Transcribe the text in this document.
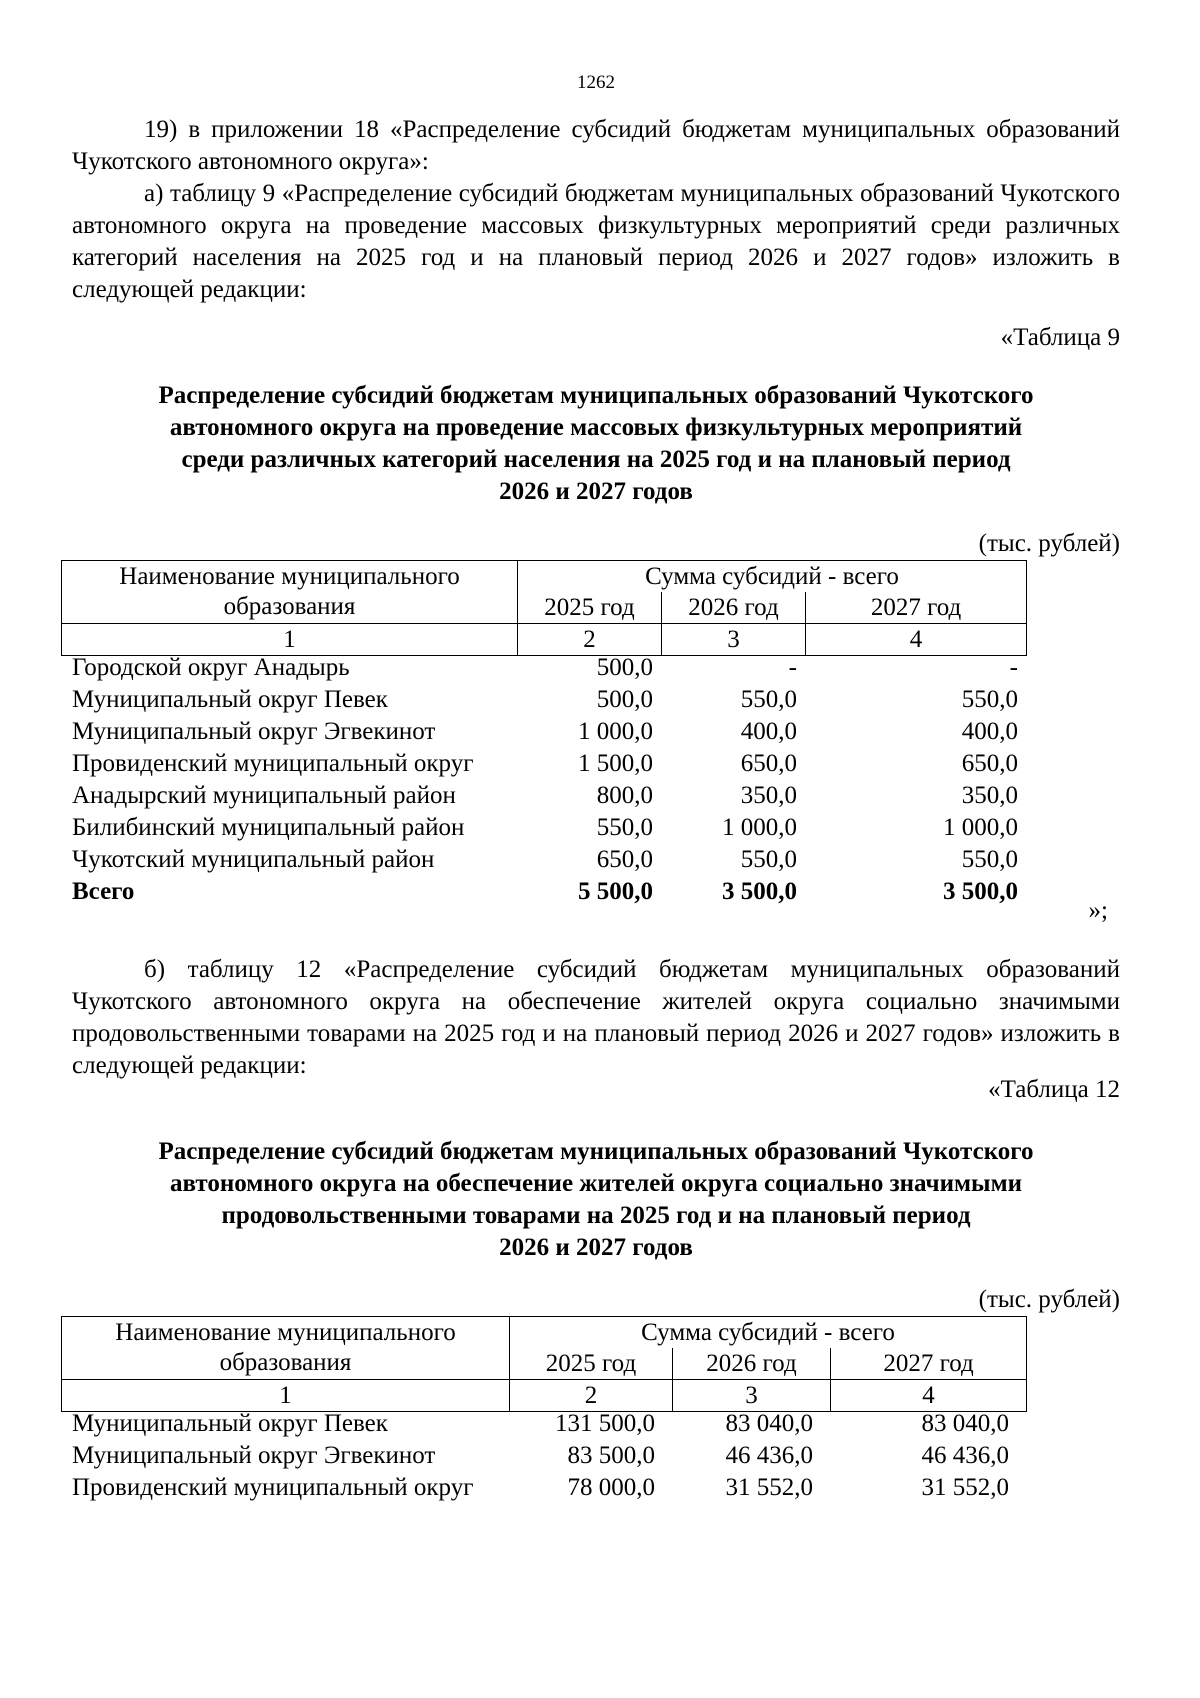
1262
19) в приложении 18 «Распределение субсидий бюджетам муниципальных образований Чукотского автономного округа»:
а) таблицу 9 «Распределение субсидий бюджетам муниципальных образований Чукотского автономного округа на проведение массовых физкультурных мероприятий среди различных категорий населения на 2025 год и на плановый период 2026 и 2027 годов» изложить в следующей редакции:
«Таблица 9
Распределение субсидий бюджетам муниципальных образований Чукотского
автономного округа на проведение массовых физкультурных мероприятий
среди различных категорий населения на 2025 год и на плановый период
2026 и 2027 годов
(тыс. рублей)
Наименование муниципального образования	Сумма субсидий - всего		
	2025 год	2026 год	2027 год
1	2	3	4
Городской округ Анадырь	500,0	-	-
Муниципальный округ Певек	500,0	550,0	550,0
Муниципальный округ Эгвекинот	1 000,0	400,0	400,0
Провиденский муниципальный округ	1 500,0	650,0	650,0
Анадырский муниципальный район	800,0	350,0	350,0
Билибинский муниципальный район	550,0	1 000,0	1 000,0
Чукотский муниципальный район	650,0	550,0	550,0
Всего	5 500,0	3 500,0	3 500,0
»;
б) таблицу 12 «Распределение субсидий бюджетам муниципальных образований Чукотского автономного округа на обеспечение жителей округа социально значимыми продовольственными товарами на 2025 год и на плановый период 2026 и 2027 годов» изложить в следующей редакции:
«Таблица 12
Распределение субсидий бюджетам муниципальных образований Чукотского
автономного округа на обеспечение жителей округа социально значимыми
продовольственными товарами на 2025 год и на плановый период
2026 и 2027 годов
(тыс. рублей)
Наименование муниципального образования	Сумма субсидий - всего		
	2025 год	2026 год	2027 год
1	2	3	4
Муниципальный округ Певек	131 500,0	83 040,0	83 040,0
Муниципальный округ Эгвекинот	83 500,0	46 436,0	46 436,0
Провиденский муниципальный округ	78 000,0	31 552,0	31 552,0
